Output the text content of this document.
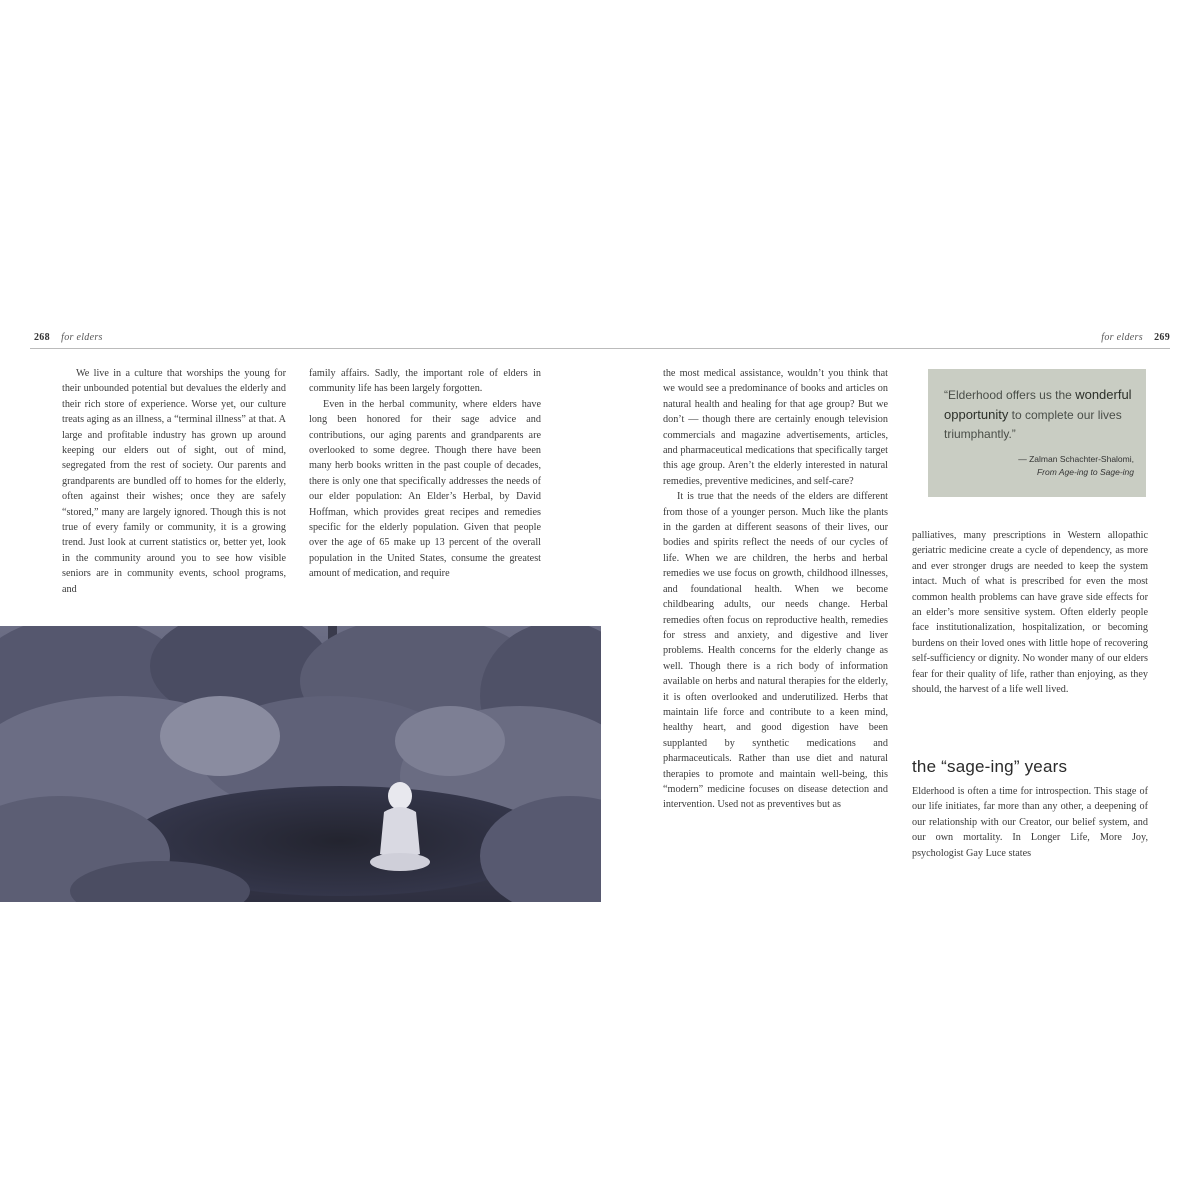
268 for elders	for elders 269

We live in a culture that worships the young for their unbounded potential but devalues the elderly and their rich store of experience. Worse yet, our culture treats aging as an illness, a “terminal illness” at that. A large and profitable industry has grown up around keeping our elders out of sight, out of mind, segregated from the rest of society. Our parents and grandparents are bundled off to homes for the elderly, often against their wishes; once they are safely “stored,” many are largely ignored. Though this is not true of every family or community, it is a growing trend. Just look at current statistics or, better yet, look in the community around you to see how visible seniors are in community events, school programs, and

family affairs. Sadly, the important role of elders in community life has been largely forgotten.

Even in the herbal community, where elders have long been honored for their sage advice and contributions, our aging parents and grandparents are overlooked to some degree. Though there have been many herb books written in the past couple of decades, there is only one that specifically addresses the needs of our elder population: An Elder’s Herbal, by David Hoffman, which provides great recipes and remedies specific for the elderly population. Given that people over the age of 65 make up 13 percent of the overall population in the United States, consume the greatest amount of medication, and require

the most medical assistance, wouldn’t you think that we would see a predominance of books and articles on natural health and healing for that age group? But we don’t — though there are certainly enough television commercials and magazine advertisements, articles, and pharmaceutical medications that specifically target this age group. Aren’t the elderly interested in natural remedies, preventive medicines, and self-care?

It is true that the needs of the elders are different from those of a younger person. Much like the plants in the garden at different seasons of their lives, our bodies and spirits reflect the needs of our cycles of life. When we are children, the herbs and herbal remedies we use focus on growth, childhood illnesses, and foundational health. When we become childbearing adults, our needs change. Herbal remedies often focus on reproductive health, remedies for stress and anxiety, and digestive and liver problems. Health concerns for the elderly change as well. Though there is a rich body of information available on herbs and natural therapies for the elderly, it is often overlooked and underutilized. Herbs that maintain life force and contribute to a keen mind, healthy heart, and good digestion have been supplanted by synthetic medications and pharmaceuticals. Rather than use diet and natural therapies to promote and maintain well-being, this “modern” medicine focuses on disease detection and intervention. Used not as preventives but as

“Elderhood offers us the wonderful opportunity to complete our lives triumphantly.”
— Zalman Schachter-Shalomi,
From Age-ing to Sage-ing

palliatives, many prescriptions in Western allopathic geriatric medicine create a cycle of dependency, as more and ever stronger drugs are needed to keep the system intact. Much of what is prescribed for even the most common health problems can have grave side effects for an elder’s more sensitive system. Often elderly people face institutionalization, hospitalization, or becoming burdens on their loved ones with little hope of recovering self-sufficiency or dignity. No wonder many of our elders fear for their quality of life, rather than enjoying, as they should, the harvest of a life well lived.

the “sage-ing” years

Elderhood is often a time for introspection. This stage of our life initiates, far more than any other, a deepening of our relationship with our Creator, our belief system, and our own mortality. In Longer Life, More Joy, psychologist Gay Luce states
